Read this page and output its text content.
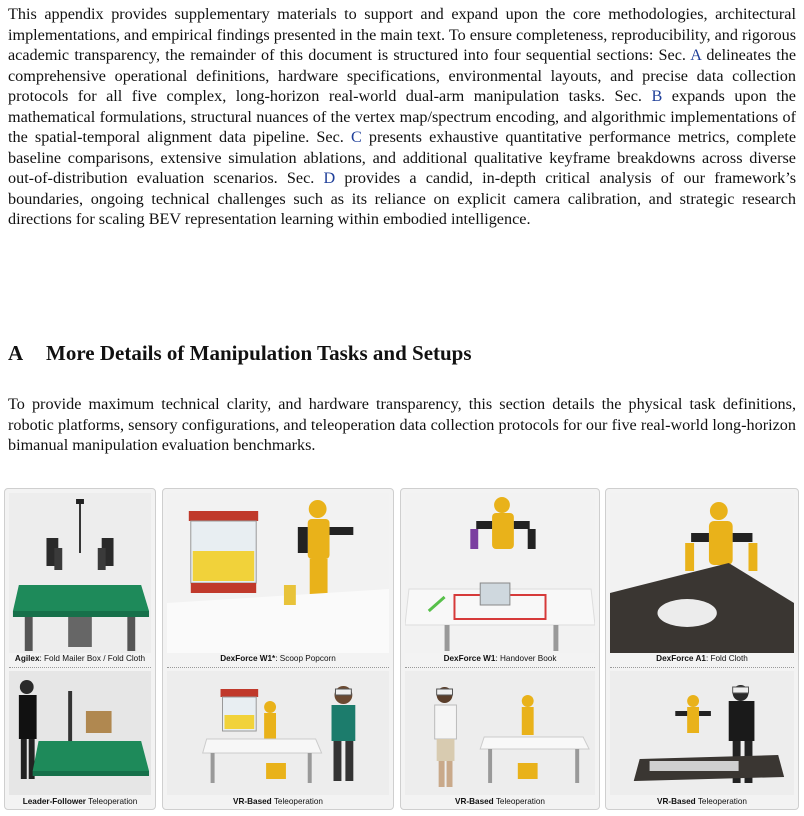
This appendix provides supplementary materials to support and expand upon the core methodologies, architectural implementations, and empirical findings presented in the main text. To ensure completeness, reproducibility, and rigorous academic transparency, the remainder of this document is structured into four sequential sections: Sec. A delineates the comprehensive operational definitions, hardware specifications, environmental layouts, and precise data collection protocols for all five complex, long-horizon real-world dual-arm manipulation tasks. Sec. B expands upon the mathematical formulations, structural nuances of the vertex map/spectrum encoding, and algorithmic implementations of the spatial-temporal alignment data pipeline. Sec. C presents exhaustive quantitative performance metrics, complete baseline comparisons, extensive simulation ablations, and additional qualitative keyframe breakdowns across diverse out-of-distribution evaluation scenarios. Sec. D provides a candid, in-depth critical analysis of our framework’s boundaries, ongoing technical challenges such as its reliance on explicit camera calibration, and strategic research directions for scaling BEV representation learning within embodied intelligence.

A More Details of Manipulation Tasks and Setups

To provide maximum technical clarity, and hardware transparency, this section details the physical task definitions, robotic platforms, sensory configurations, and teleoperation data collection protocols for our five real-world long-horizon bimanual manipulation evaluation benchmarks.

Agilex: Fold Mailer Box / Fold Cloth
Leader-Follower Teleoperation
DexForce W1*: Scoop Popcorn
VR-Based Teleoperation
DexForce W1: Handover Book
VR-Based Teleoperation
DexForce A1: Fold Cloth
VR-Based Teleoperation
